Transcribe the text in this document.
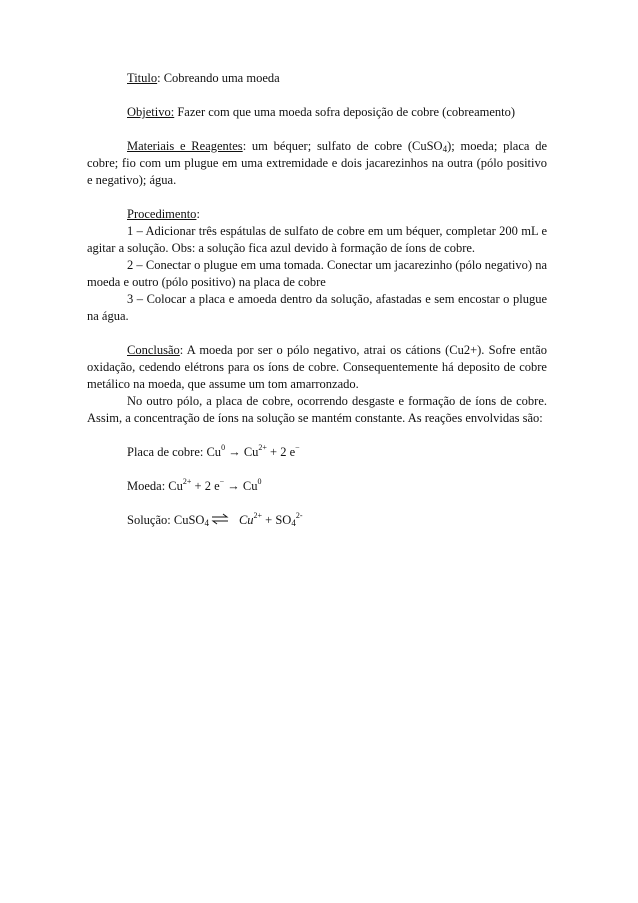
Titulo: Cobreando uma moeda

Objetivo: Fazer com que uma moeda sofra deposição de cobre (cobreamento)

Materiais e Reagentes: um béquer; sulfato de cobre (CuSO$_4$); moeda; placa de cobre; fio com um plugue em uma extremidade e dois jacarezinhos na outra (pólo positivo e negativo); água.

Procedimento:

1 – Adicionar três espátulas de sulfato de cobre em um béquer, completar 200 mL e agitar a solução. Obs: a solução fica azul devido à formação de íons de cobre.

2 – Conectar o plugue em uma tomada. Conectar um jacarezinho (pólo negativo) na moeda e outro (pólo positivo) na placa de cobre

3 – Colocar a placa e amoeda dentro da solução, afastadas e sem encostar o plugue na água.

Conclusão: A moeda por ser o pólo negativo, atrai os cátions (Cu2+). Sofre então oxidação, cedendo elétrons para os íons de cobre. Consequentemente há deposito de cobre metálico na moeda, que assume um tom amarronzado.

No outro pólo, a placa de cobre, ocorrendo desgaste e formação de íons de cobre. Assim, a concentração de íons na solução se mantém constante. As reações envolvidas são:

Placa de cobre: $Cu^0 \to Cu^{2+} + 2$ e−

Moeda: $Cu^{2+} + 2$ $e^- \to Cu^0$

Solução: CuSO$_4$ ⇌ $Cu^{2+} + SO_4^{2-}$
